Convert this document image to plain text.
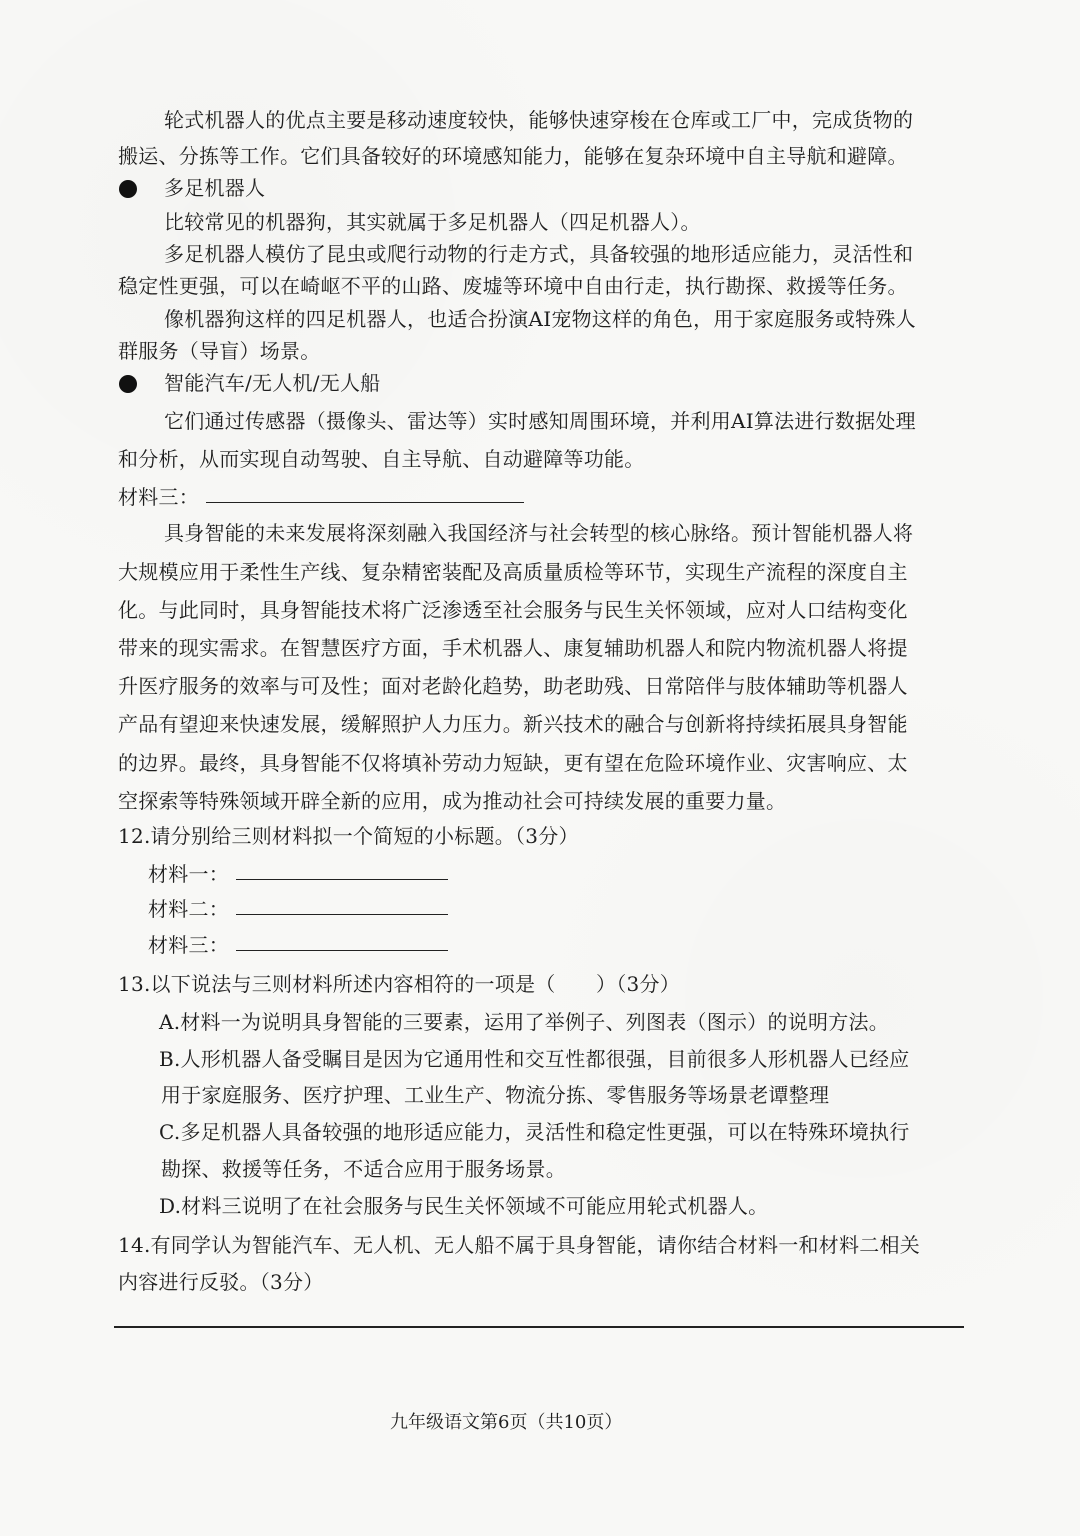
轮式机器人的优点主要是移动速度较快，能够快速穿梭在仓库或工厂中，完成货物的
搬运、分拣等工作。它们具备较好的环境感知能力，能够在复杂环境中自主导航和避障。
多足机器人
比较常见的机器狗，其实就属于多足机器人（四足机器人）。
多足机器人模仿了昆虫或爬行动物的行走方式，具备较强的地形适应能力，灵活性和
稳定性更强，可以在崎岖不平的山路、废墟等环境中自由行走，执行勘探、救援等任务。
像机器狗这样的四足机器人，也适合扮演AI宠物这样的角色，用于家庭服务或特殊人
群服务（导盲）场景。
智能汽车/无人机/无人船
它们通过传感器（摄像头、雷达等）实时感知周围环境，并利用AI算法进行数据处理
和分析，从而实现自动驾驶、自主导航、自动避障等功能。
材料三：
具身智能的未来发展将深刻融入我国经济与社会转型的核心脉络。预计智能机器人将
大规模应用于柔性生产线、复杂精密装配及高质量质检等环节，实现生产流程的深度自主
化。与此同时，具身智能技术将广泛渗透至社会服务与民生关怀领域，应对人口结构变化
带来的现实需求。在智慧医疗方面，手术机器人、康复辅助机器人和院内物流机器人将提
升医疗服务的效率与可及性；面对老龄化趋势，助老助残、日常陪伴与肢体辅助等机器人
产品有望迎来快速发展，缓解照护人力压力。新兴技术的融合与创新将持续拓展具身智能
的边界。最终，具身智能不仅将填补劳动力短缺，更有望在危险环境作业、灾害响应、太
空探索等特殊领域开辟全新的应用，成为推动社会可持续发展的重要力量。
12.请分别给三则材料拟一个简短的小标题。（3分）
材料一：
材料二：
材料三：
13.以下说法与三则材料所述内容相符的一项是（　　）（3分）
A.材料一为说明具身智能的三要素，运用了举例子、列图表（图示）的说明方法。
B.人形机器人备受瞩目是因为它通用性和交互性都很强，目前很多人形机器人已经应
用于家庭服务、医疗护理、工业生产、物流分拣、零售服务等场景老谭整理
C.多足机器人具备较强的地形适应能力，灵活性和稳定性更强，可以在特殊环境执行
勘探、救援等任务，不适合应用于服务场景。
D.材料三说明了在社会服务与民生关怀领域不可能应用轮式机器人。
14.有同学认为智能汽车、无人机、无人船不属于具身智能，请你结合材料一和材料二相关
内容进行反驳。（3分）
九年级语文第6页（共10页）
